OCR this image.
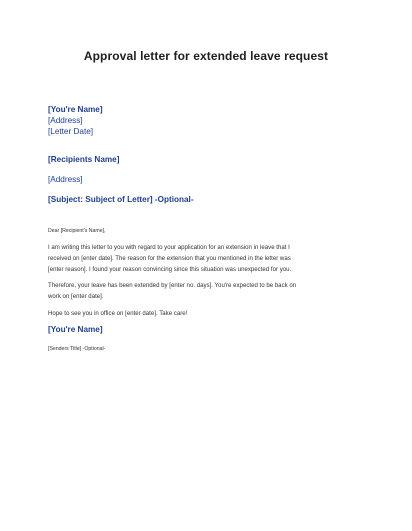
Approval letter for extended leave request
[You're Name]
[Address]
[Letter Date]
[Recipients Name]
[Address]
[Subject: Subject of Letter] -Optional-
Dear [Recipient's Name],
I am writing this letter to you with regard to your application for an extension in leave that I
received on [enter date]. The reason for the extension that you mentioned in the letter was
[enter reason]. I found your reason convincing since this situation was unexpected for you.
Therefore, your leave has been extended by [enter no. days]. You're expected to be back on
work on [enter date].
Hope to see you in office on [enter date]. Take care!
[You're Name]
[Senders Title] -Optional-
